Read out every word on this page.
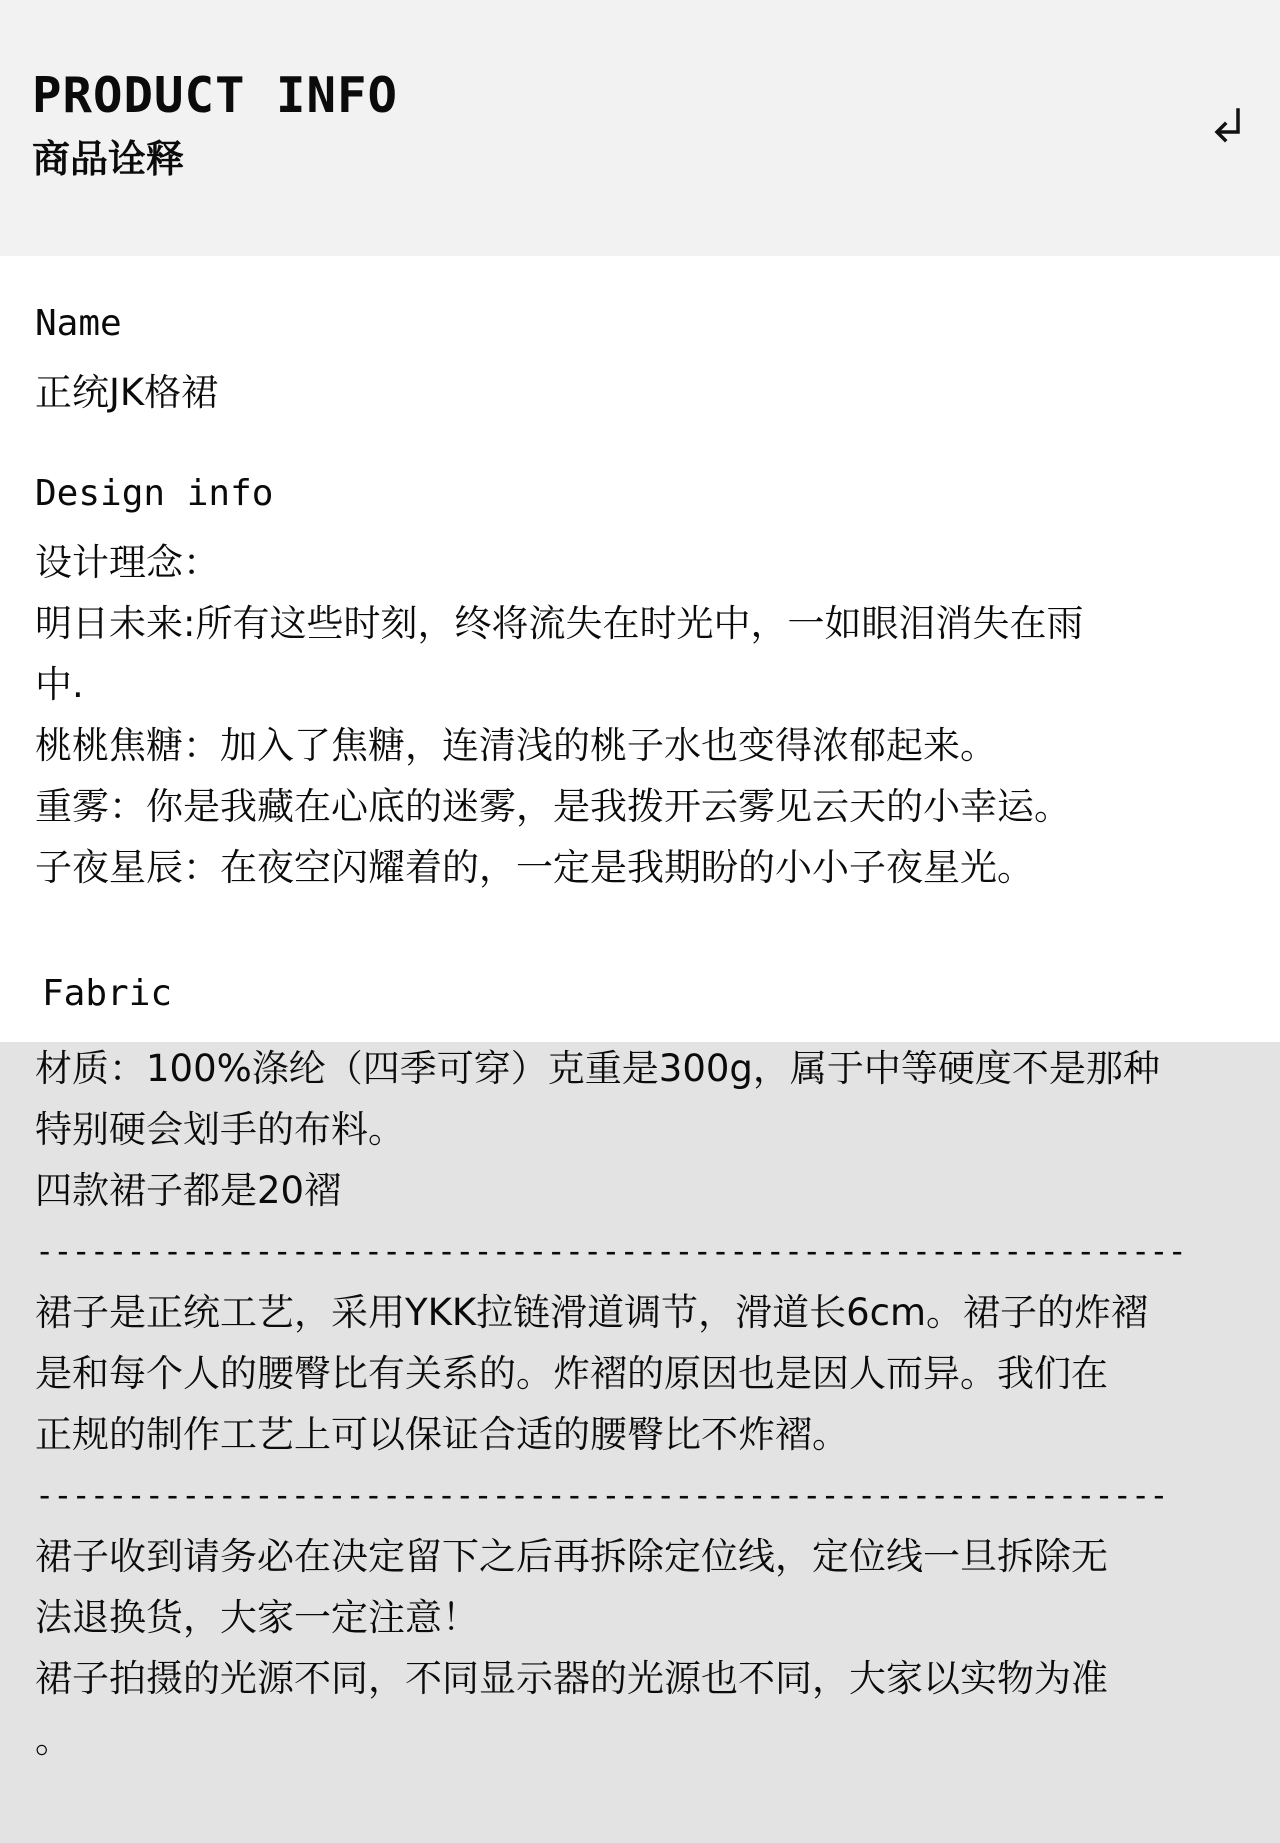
PRODUCT INFO
商品诠释
Name
正统JK格裙
Design info
设计理念：
明日未来:所有这些时刻，终将流失在时光中，一如眼泪消失在雨
中.
桃桃焦糖：加入了焦糖，连清浅的桃子水也变得浓郁起来。
重雾：你是我藏在心底的迷雾，是我拨开云雾见云天的小幸运。
子夜星辰：在夜空闪耀着的，一定是我期盼的小小子夜星光。
Fabric
材质：100%涤纶（四季可穿）克重是300g，属于中等硬度不是那种
特别硬会划手的布料。
四款裙子都是20褶
---------------------------------------------------------------
裙子是正统工艺，采用YKK拉链滑道调节，滑道长6cm。裙子的炸褶
是和每个人的腰臀比有关系的。炸褶的原因也是因人而异。我们在
正规的制作工艺上可以保证合适的腰臀比不炸褶。
--------------------------------------------------------------
裙子收到请务必在决定留下之后再拆除定位线，定位线一旦拆除无
法退换货，大家一定注意！
裙子拍摄的光源不同，不同显示器的光源也不同，大家以实物为准
。
